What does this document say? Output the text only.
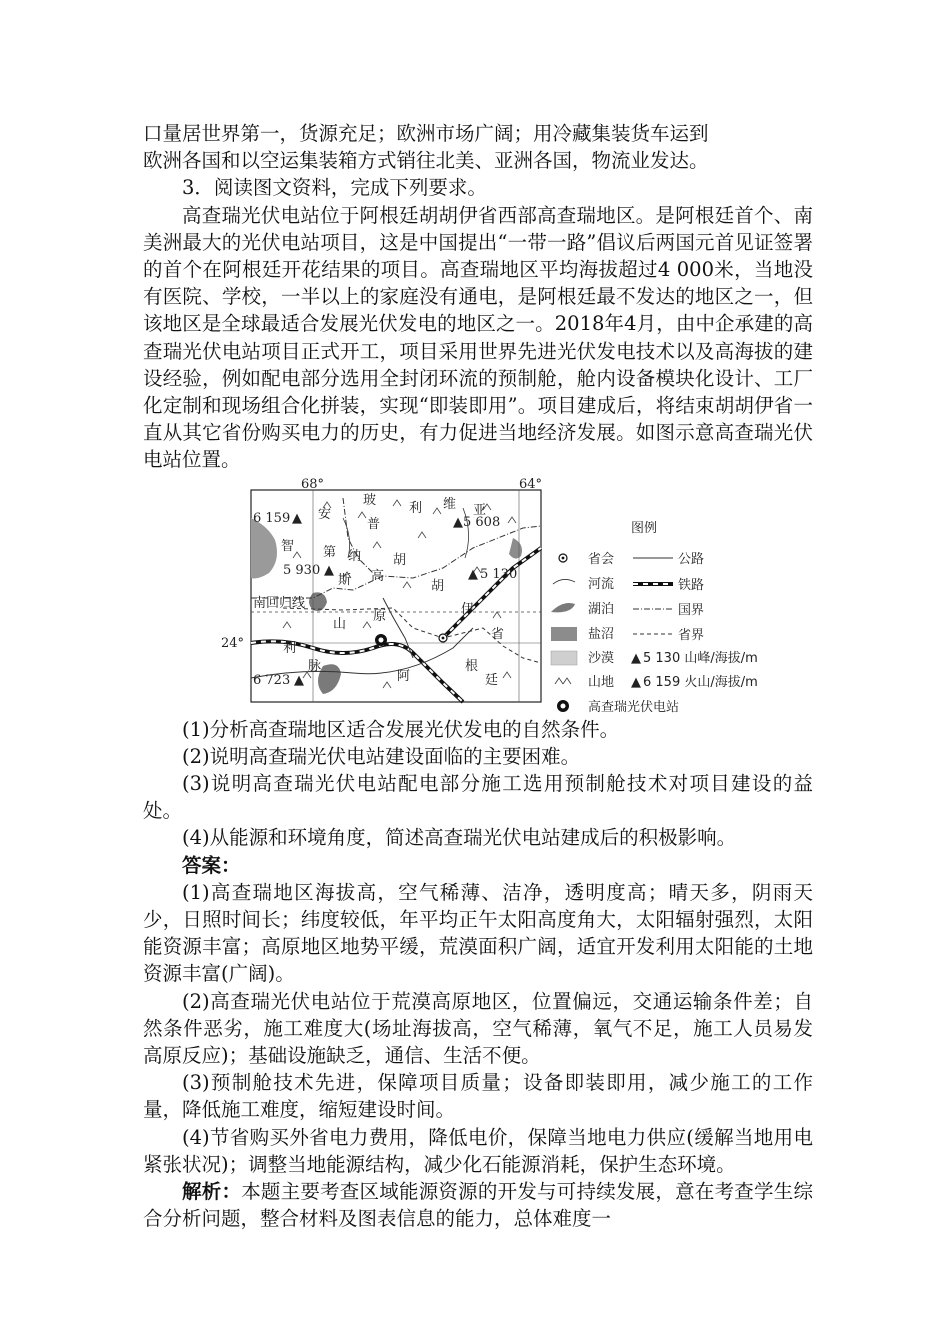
口量居世界第一，货源充足；欧洲市场广阔；用冷藏集装货车运到

欧洲各国和以空运集装箱方式销往北美、亚洲各国，物流业发达。

3．阅读图文资料，完成下列要求。

高查瑞光伏电站位于阿根廷胡胡伊省西部高查瑞地区。是阿根廷首个、南美洲最大的光伏电站项目，这是中国提出“一带一路”倡议后两国元首见证签署的首个在阿根廷开花结果的项目。高查瑞地区平均海拔超过4 000米，当地没有医院、学校，一半以上的家庭没有通电，是阿根廷最不发达的地区之一，但该地区是全球最适合发展光伏发电的地区之一。2018年4月，由中企承建的高查瑞光伏电站项目正式开工，项目采用世界先进光伏发电技术以及高海拔的建设经验，例如配电部分选用全封闭环流的预制舱，舱内设备模块化设计、工厂化定制和现场组合化拼装，实现“即装即用”。项目建成后，将结束胡胡伊省一直从其它省份购买电力的历史，有力促进当地经济发展。如图示意高查瑞光伏电站位置。

68°	64°
24°
南回归线
6 159	5 608
5 930	5 130
6 723
▲	▲
▲	▲
▲
安
玻
利 维 亚
智
普
第 纳 胡
斯 高
胡
原	伊
山
省
利
脉
阿
根
廷
图例
省会	公路
河流	铁路
湖泊	国界
盐沼	省界
沙漠 ▲ 5 130 山峰/海拔/m
山地 ▲ 6 159 火山/海拔/m
高查瑞光伏电站

(1)分析高查瑞地区适合发展光伏发电的自然条件。

(2)说明高查瑞光伏电站建设面临的主要困难。

(3)说明高查瑞光伏电站配电部分施工选用预制舱技术对项目建设的益处。

(4)从能源和环境角度，简述高查瑞光伏电站建成后的积极影响。

答案：

(1)高查瑞地区海拔高，空气稀薄、洁净，透明度高；晴天多，阴雨天少，日照时间长；纬度较低，年平均正午太阳高度角大，太阳辐射强烈，太阳能资源丰富；高原地区地势平缓，荒漠面积广阔，适宜开发利用太阳能的土地资源丰富(广阔)。

(2)高查瑞光伏电站位于荒漠高原地区，位置偏远，交通运输条件差；自然条件恶劣，施工难度大(场址海拔高，空气稀薄，氧气不足，施工人员易发高原反应)；基础设施缺乏，通信、生活不便。

(3)预制舱技术先进，保障项目质量；设备即装即用，减少施工的工作量，降低施工难度，缩短建设时间。

(4)节省购买外省电力费用，降低电价，保障当地电力供应(缓解当地用电紧张状况)；调整当地能源结构，减少化石能源消耗，保护生态环境。

解析：本题主要考查区域能源资源的开发与可持续发展，意在考查学生综合分析问题，整合材料及图表信息的能力，总体难度一
